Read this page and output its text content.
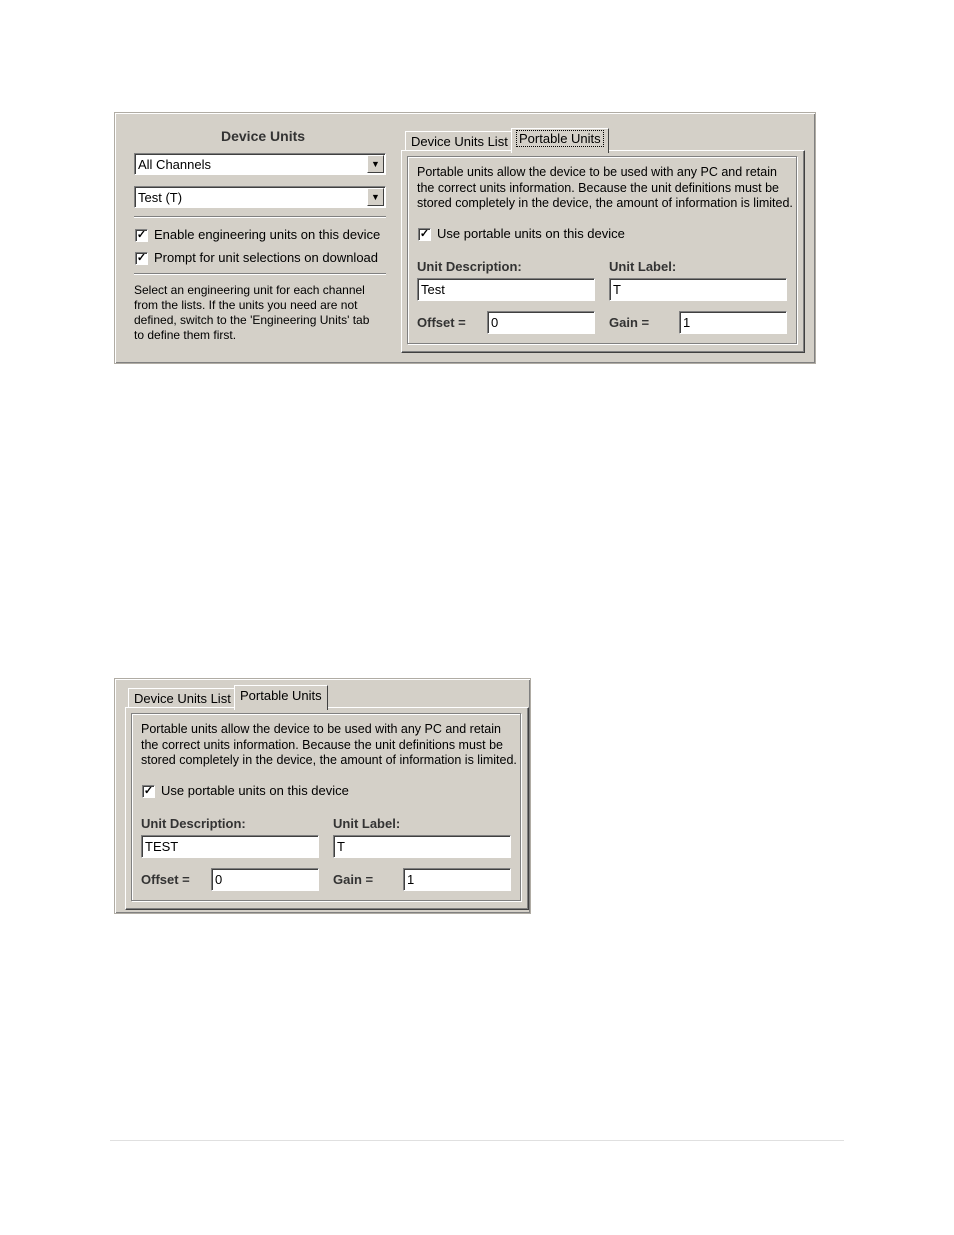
Device Units
All Channels	▼
Test (T)	▼
✓ Enable engineering units on this device
✓ Prompt for unit selections on download
Select an engineering unit for each channel
from the lists. If the units you need are not
defined, switch to the 'Engineering Units' tab
to define them first.
Device Units List Portable Units
Portable units allow the device to be used with any PC and retain
the correct units information. Because the unit definitions must be
stored completely in the device, the amount of information is limited.
✓ Use portable units on this device
Unit Description:	Unit Label:
Test	T
Offset = 0	Gain =	1
Device Units List Portable Units
Portable units allow the device to be used with any PC and retain
the correct units information. Because the unit definitions must be
stored completely in the device, the amount of information is limited.
✓ Use portable units on this device
Unit Description:	Unit Label:
TEST	T
Offset = 0	Gain =	1
